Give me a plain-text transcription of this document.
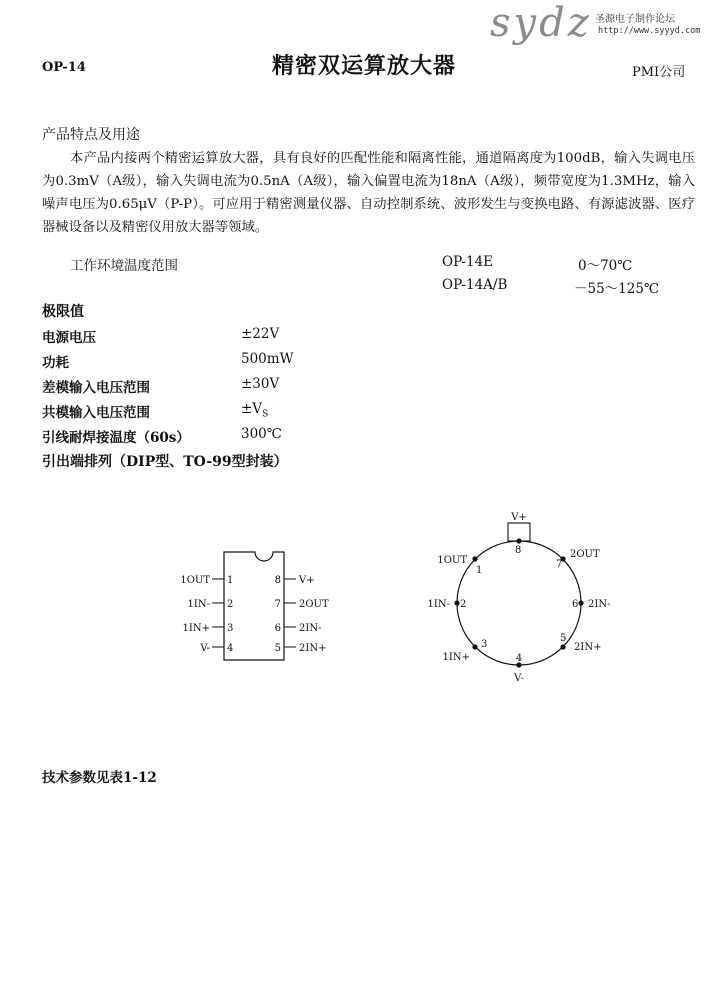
sydz 圣源电子制作论坛
http://www.syyyd.com
OP-14	精密双运算放大器	PMI公司
产品特点及用途

本产品内接两个精密运算放大器，具有良好的匹配性能和隔离性能，通道隔离度为100dB，输入失调电压为0.3mV（A级），输入失调电流为0.5nA（A级），输入偏置电流为18nA（A级），频带宽度为1.3MHz，输入噪声电压为0.65μV（P-P）。可应用于精密测量仪器、自动控制系统、波形发生与变换电路、有源滤波器、医疗器械设备以及精密仪用放大器等领域。

工作环境温度范围	OP-14E	0～70℃
OP-14A/B	－55～125℃
极限值
电源电压	±22V
功耗	500mW
差模输入电压范围	±30V
共模输入电压范围	$\pm V_S$
引线耐焊接温度（60s）	300℃
引出端排列（DIP型、TO-99型封装）
1OUT
1IN-
1IN+
V-
1
2
3
4
8
7
6
5
V+
2OUT
2IN-
2IN+
V+
8
1OUT
1
2OUT
7
1IN- 2	2IN-
6
1IN+
3	2IN+
5
V-
4
技术参数见表1-12
